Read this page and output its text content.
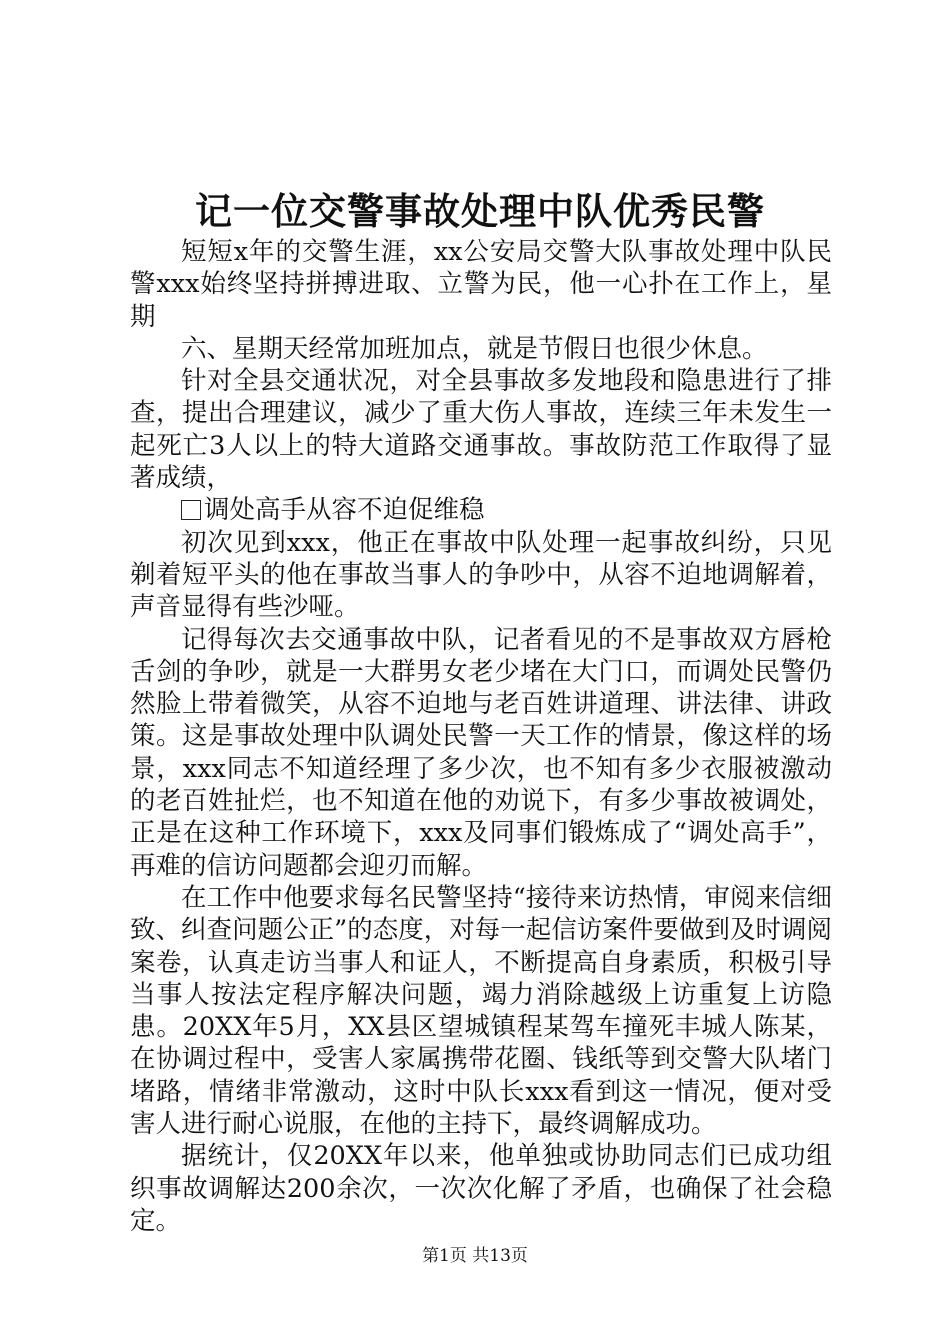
记一位交警事故处理中队优秀民警

短短x年的交警生涯，xx公安局交警大队事故处理中队民警xxx始终坚持拼搏进取、立警为民，他一心扑在工作上，星期

六、星期天经常加班加点，就是节假日也很少休息。

针对全县交通状况，对全县事故多发地段和隐患进行了排查，提出合理建议，减少了重大伤人事故，连续三年未发生一起死亡3人以上的特大道路交通事故。事故防范工作取得了显著成绩，

调处高手从容不迫促维稳

初次见到xxx，他正在事故中队处理一起事故纠纷，只见剃着短平头的他在事故当事人的争吵中，从容不迫地调解着，声音显得有些沙哑。

记得每次去交通事故中队，记者看见的不是事故双方唇枪舌剑的争吵，就是一大群男女老少堵在大门口，而调处民警仍然脸上带着微笑，从容不迫地与老百姓讲道理、讲法律、讲政策。这是事故处理中队调处民警一天工作的情景，像这样的场景，xxx同志不知道经理了多少次，也不知有多少衣服被激动的老百姓扯烂，也不知道在他的劝说下，有多少事故被调处，正是在这种工作环境下，xxx及同事们锻炼成了“调处高手”，再难的信访问题都会迎刃而解。

在工作中他要求每名民警坚持“接待来访热情，审阅来信细致、纠查问题公正”的态度，对每一起信访案件要做到及时调阅案卷，认真走访当事人和证人，不断提高自身素质，积极引导当事人按法定程序解决问题，竭力消除越级上访重复上访隐患。20XX年5月，XX县区望城镇程某驾车撞死丰城人陈某，在协调过程中，受害人家属携带花圈、钱纸等到交警大队堵门堵路，情绪非常激动，这时中队长xxx看到这一情况，便对受害人进行耐心说服，在他的主持下，最终调解成功。

据统计，仅20XX年以来，他单独或协助同志们已成功组织事故调解达200余次，一次次化解了矛盾，也确保了社会稳定。

第1页 共13页
